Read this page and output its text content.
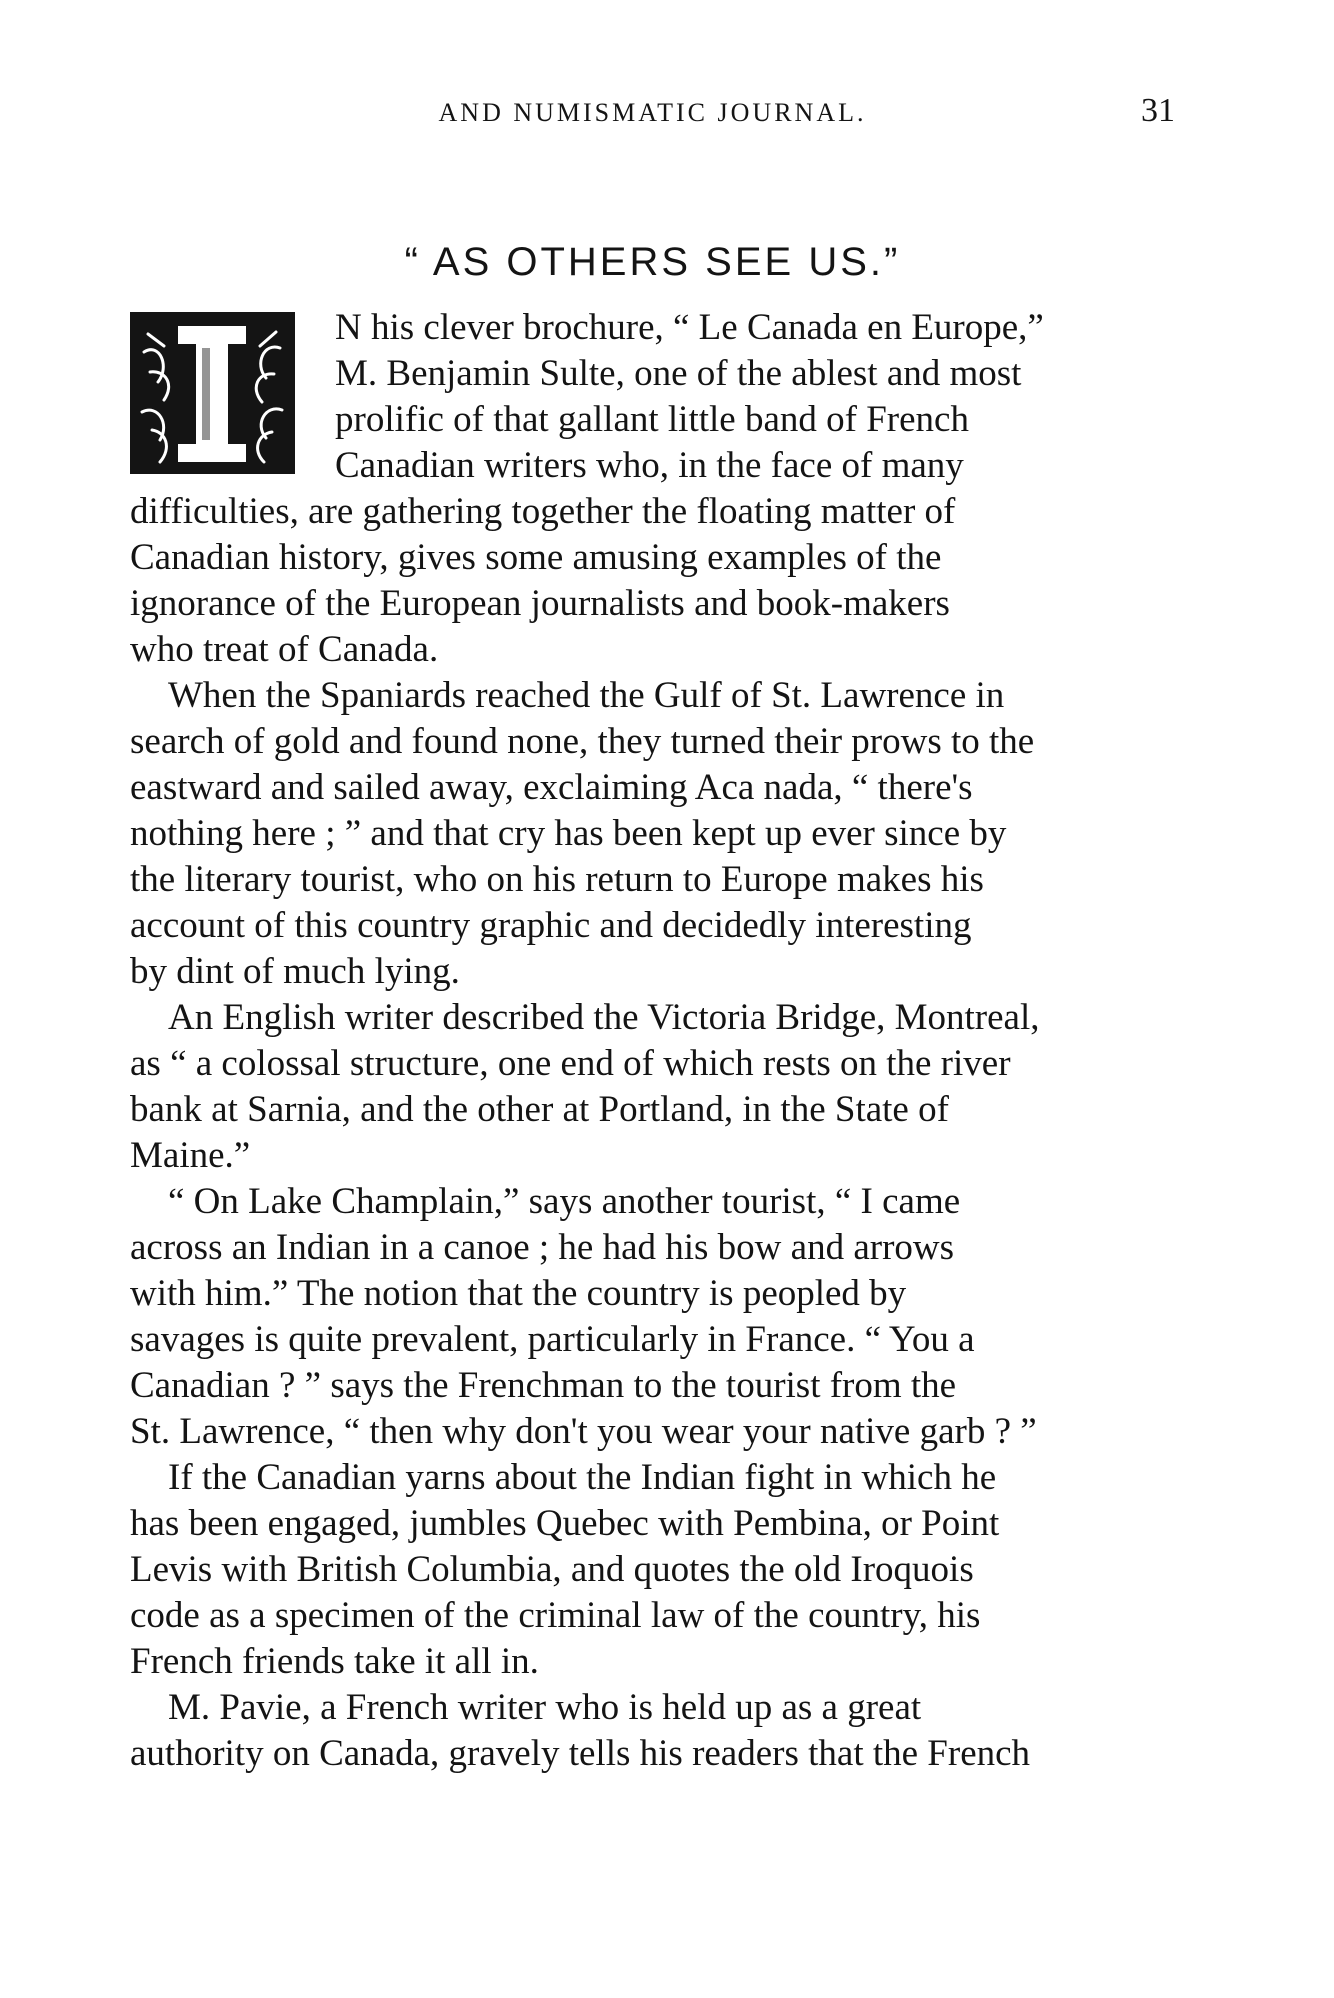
AND NUMISMATIC JOURNAL.	31
“ AS OTHERS SEE US.”
I	N his clever brochure, “ Le Canada en Europe,”
M. Benjamin Sulte, one of the ablest and most
prolific of that gallant little band of French
Canadian writers who, in the face of many
difficulties, are gathering together the floating matter of
Canadian history, gives some amusing examples of the
ignorance of the European journalists and book-makers
who treat of Canada.
When the Spaniards reached the Gulf of St. Lawrence in
search of gold and found none, they turned their prows to the
eastward and sailed away, exclaiming Aca nada, “ there's
nothing here ; ” and that cry has been kept up ever since by
the literary tourist, who on his return to Europe makes his
account of this country graphic and decidedly interesting
by dint of much lying.
An English writer described the Victoria Bridge, Montreal,
as “ a colossal structure, one end of which rests on the river
bank at Sarnia, and the other at Portland, in the State of
Maine.”
“ On Lake Champlain,” says another tourist, “ I came
across an Indian in a canoe ; he had his bow and arrows
with him.” The notion that the country is peopled by
savages is quite prevalent, particularly in France. “ You a
Canadian ? ” says the Frenchman to the tourist from the
St. Lawrence, “ then why don't you wear your native garb ? ”
If the Canadian yarns about the Indian fight in which he
has been engaged, jumbles Quebec with Pembina, or Point
Levis with British Columbia, and quotes the old Iroquois
code as a specimen of the criminal law of the country, his
French friends take it all in.
M. Pavie, a French writer who is held up as a great
authority on Canada, gravely tells his readers that the French
